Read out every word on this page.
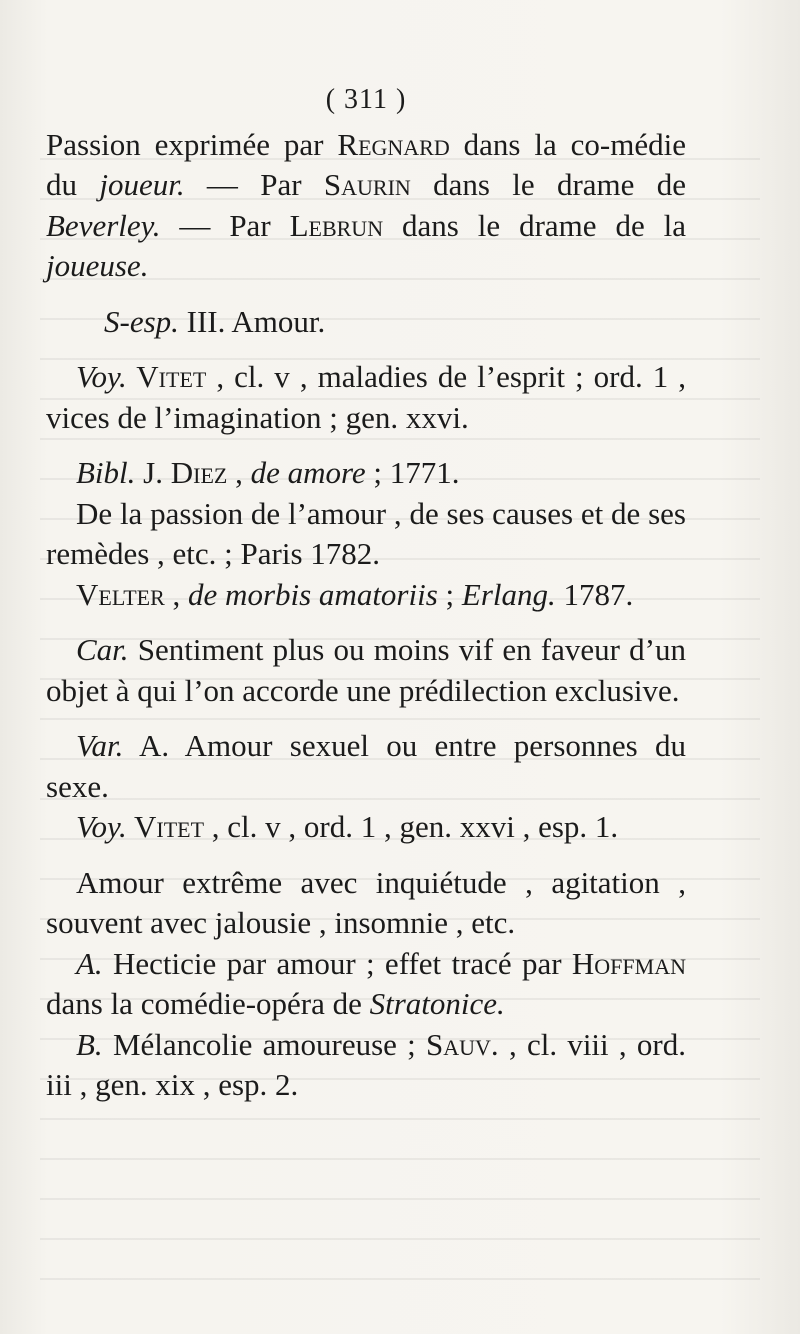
( 311 )

Passion exprimée par Regnard dans la co-médie du joueur. — Par Saurin dans le drame de Beverley. — Par Lebrun dans le drame de la joueuse.

S-esp. III. Amour.

Voy. Vitet , cl. v , maladies de l’esprit ; ord. 1 , vices de l’imagination ; gen. xxvi.

Bibl. J. Diez , de amore ; 1771.

De la passion de l’amour , de ses causes et de ses remèdes , etc. ; Paris 1782.

Velter , de morbis amatoriis ; Erlang. 1787.

Car. Sentiment plus ou moins vif en faveur d’un objet à qui l’on accorde une prédilection exclusive.

Var. A. Amour sexuel ou entre personnes du sexe.

Voy. Vitet , cl. v , ord. 1 , gen. xxvi , esp. 1.

Amour extrême avec inquiétude , agitation , souvent avec jalousie , insomnie , etc.

A. Hecticie par amour ; effet tracé par Hoffman dans la comédie-opéra de Stratonice.

B. Mélancolie amoureuse ; Sauv. , cl. viii , ord. iii , gen. xix , esp. 2.
